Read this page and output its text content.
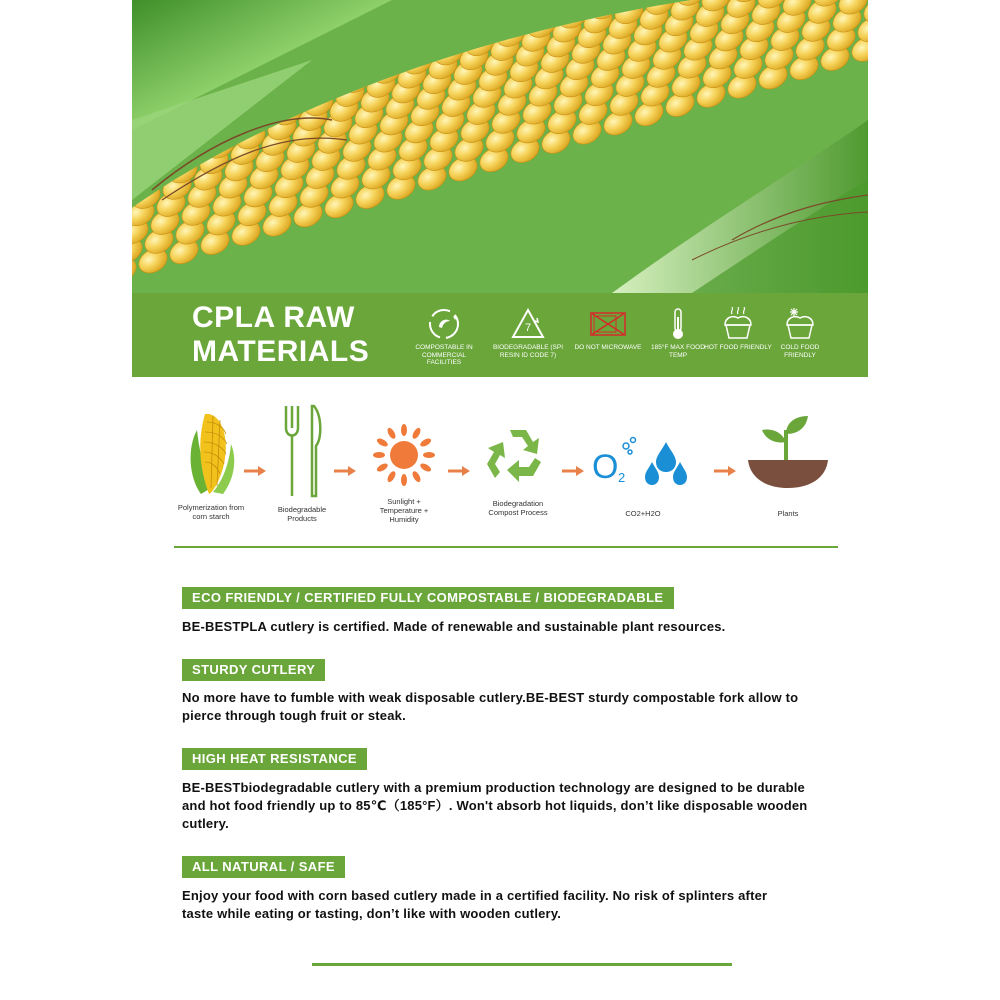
CPLA RAW
MATERIALS	COMPOSTABLE IN COMMERCIAL FACILITIES
7
BIODEGRADABLE (SPI RESIN ID CODE 7)
DO NOT MICROWAVE	185°F MAX FOOD TEMP
HOT FOOD FRIENDLY	COLD FOOD FRIENDLY
Polymerization from corn starch
Biodegradable Products
Sunlight + Temperature + Humidity
Biodegradation Compost Process
O 2
CO2+H2O	Plants
ECO FRIENDLY / CERTIFIED FULLY COMPOSTABLE / BIODEGRADABLE
BE-BESTPLA cutlery is certified. Made of renewable and sustainable plant resources.
STURDY CUTLERY
No more have to fumble with weak disposable cutlery.BE-BEST sturdy compostable fork allow to pierce through tough fruit or steak.
HIGH HEAT RESISTANCE
BE-BESTbiodegradable cutlery with a premium production technology are designed to be durable and hot food friendly up to 85℃（185°F）. Won't absorb hot liquids, don’t like disposable wooden cutlery.
ALL NATURAL / SAFE
Enjoy your food with corn based cutlery made in a certified facility. No risk of splinters after taste while eating or tasting, don’t like with wooden cutlery.
